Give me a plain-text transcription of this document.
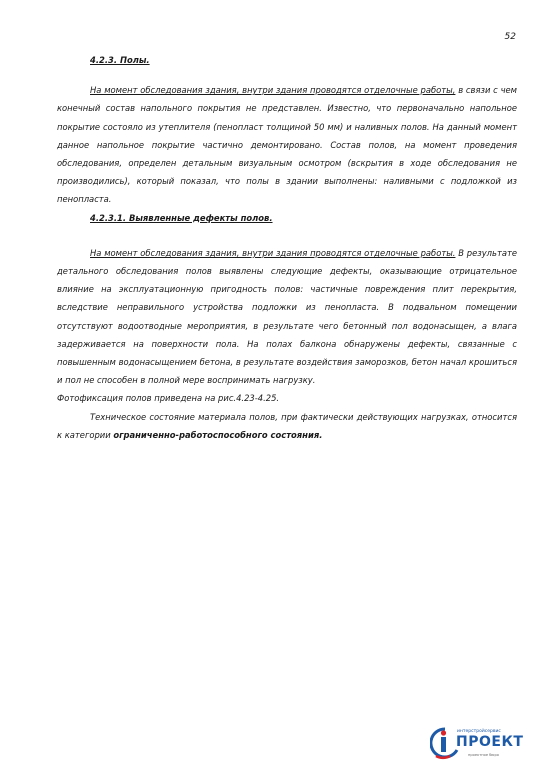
52

4.2.3. Полы.

На момент обследования здания, внутри здания проводятся отделочные работы, в связи с чем конечный состав напольного покрытия не представлен. Известно, что первоначально напольное покрытие состояло из утеплителя (пенопласт толщиной 50 мм) и наливных полов. На данный момент данное напольное покрытие частично демонтировано. Состав полов, на момент проведения обследования, определен детальным визуальным осмотром (вскрытия в ходе обследования не производились), который показал, что полы в здании выполнены: наливными с подложкой из пенопласта.

4.2.3.1. Выявленные дефекты полов.

На момент обследования здания, внутри здания проводятся отделочные работы. В результате детального обследования полов выявлены следующие дефекты, оказывающие отрицательное влияние на эксплуатационную пригодность полов: частичные повреждения плит перекрытия, вследствие неправильного устройства подложки из пенопласта. В подвальном помещении отсутствуют водоотводные мероприятия, в результате чего бетонный пол водонасыщен, а влага задерживается на поверхности пола. На полах балкона обнаружены дефекты, связанные с повышенным водонасыщением бетона, в результате воздействия заморозков, бетон начал крошиться и пол не способен в полной мере воспринимать нагрузку.

Фотофиксация полов приведена на рис.4.23-4.25.

Техническое состояние материала полов, при фактически действующих нагрузках, относится к категории ограниченно-работоспособного состояния.

интерстройсервис
ПРОЕКТ
проектное бюро
